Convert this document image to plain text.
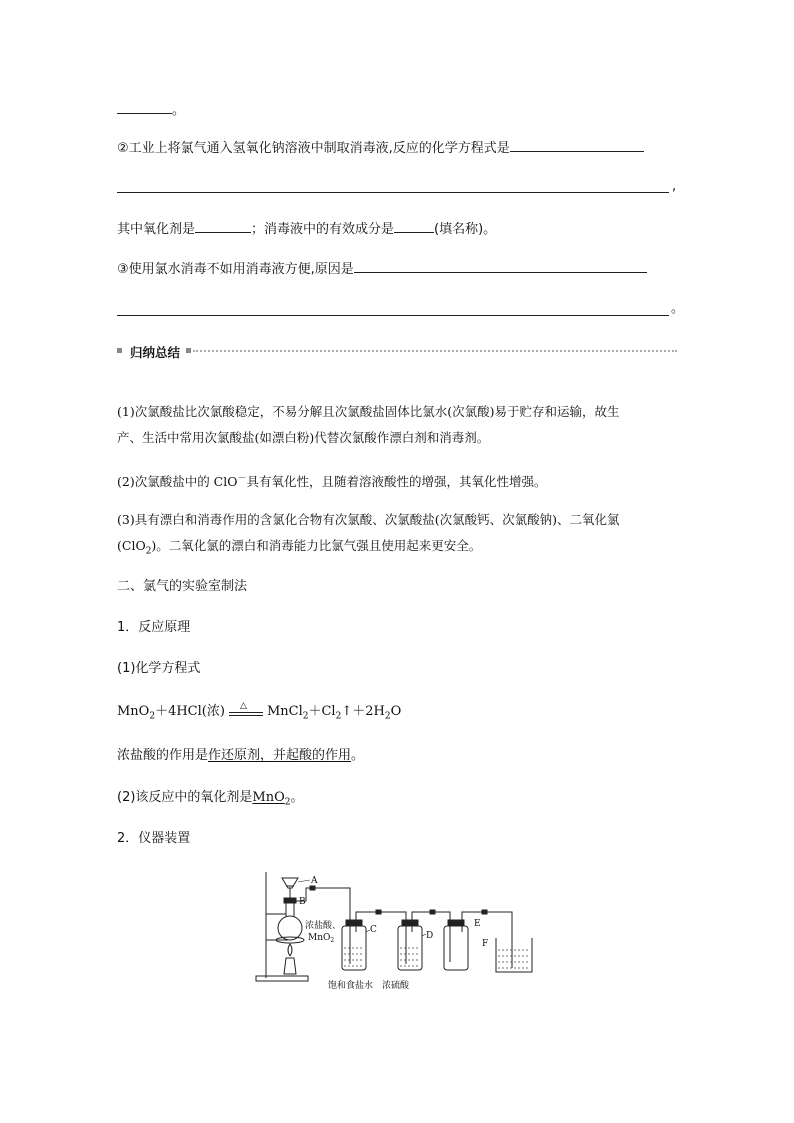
。
②工业上将氯气通入氢氧化钠溶液中制取消毒液,反应的化学方程式是
,
其中氧化剂是	；消毒液中的有效成分是	(填名称)。
③使用氯水消毒不如用消毒液方便,原因是
。
归纳总结
(1)次氯酸盐比次氯酸稳定，不易分解且次氯酸盐固体比氯水(次氯酸)易于贮存和运输，故生
产、生活中常用次氯酸盐(如漂白粉)代替次氯酸作漂白剂和消毒剂。
(2)次氯酸盐中的 ClO－具有氧化性，且随着溶液酸性的增强，其氧化性增强。
(3)具有漂白和消毒作用的含氯化合物有次氯酸、次氯酸盐(次氯酸钙、次氯酸钠)、二氧化氯
(ClO$_2$)。二氧化氯的漂白和消毒能力比氯气强且使用起来更安全。
二、氯气的实验室制法
1．反应原理
(1)化学方程式
MnO$_2$＋4HCl(浓) △ $MnCl_2+Cl_2↑+2H_2O$
浓盐酸的作用是作还原剂，并起酸的作用。
(2)该反应中的氧化剂是MnO$_2$。
2．仪器装置
A
B
浓盐酸、
MnO$_2$
C
D
E
F
饱和食盐水 浓硫酸
